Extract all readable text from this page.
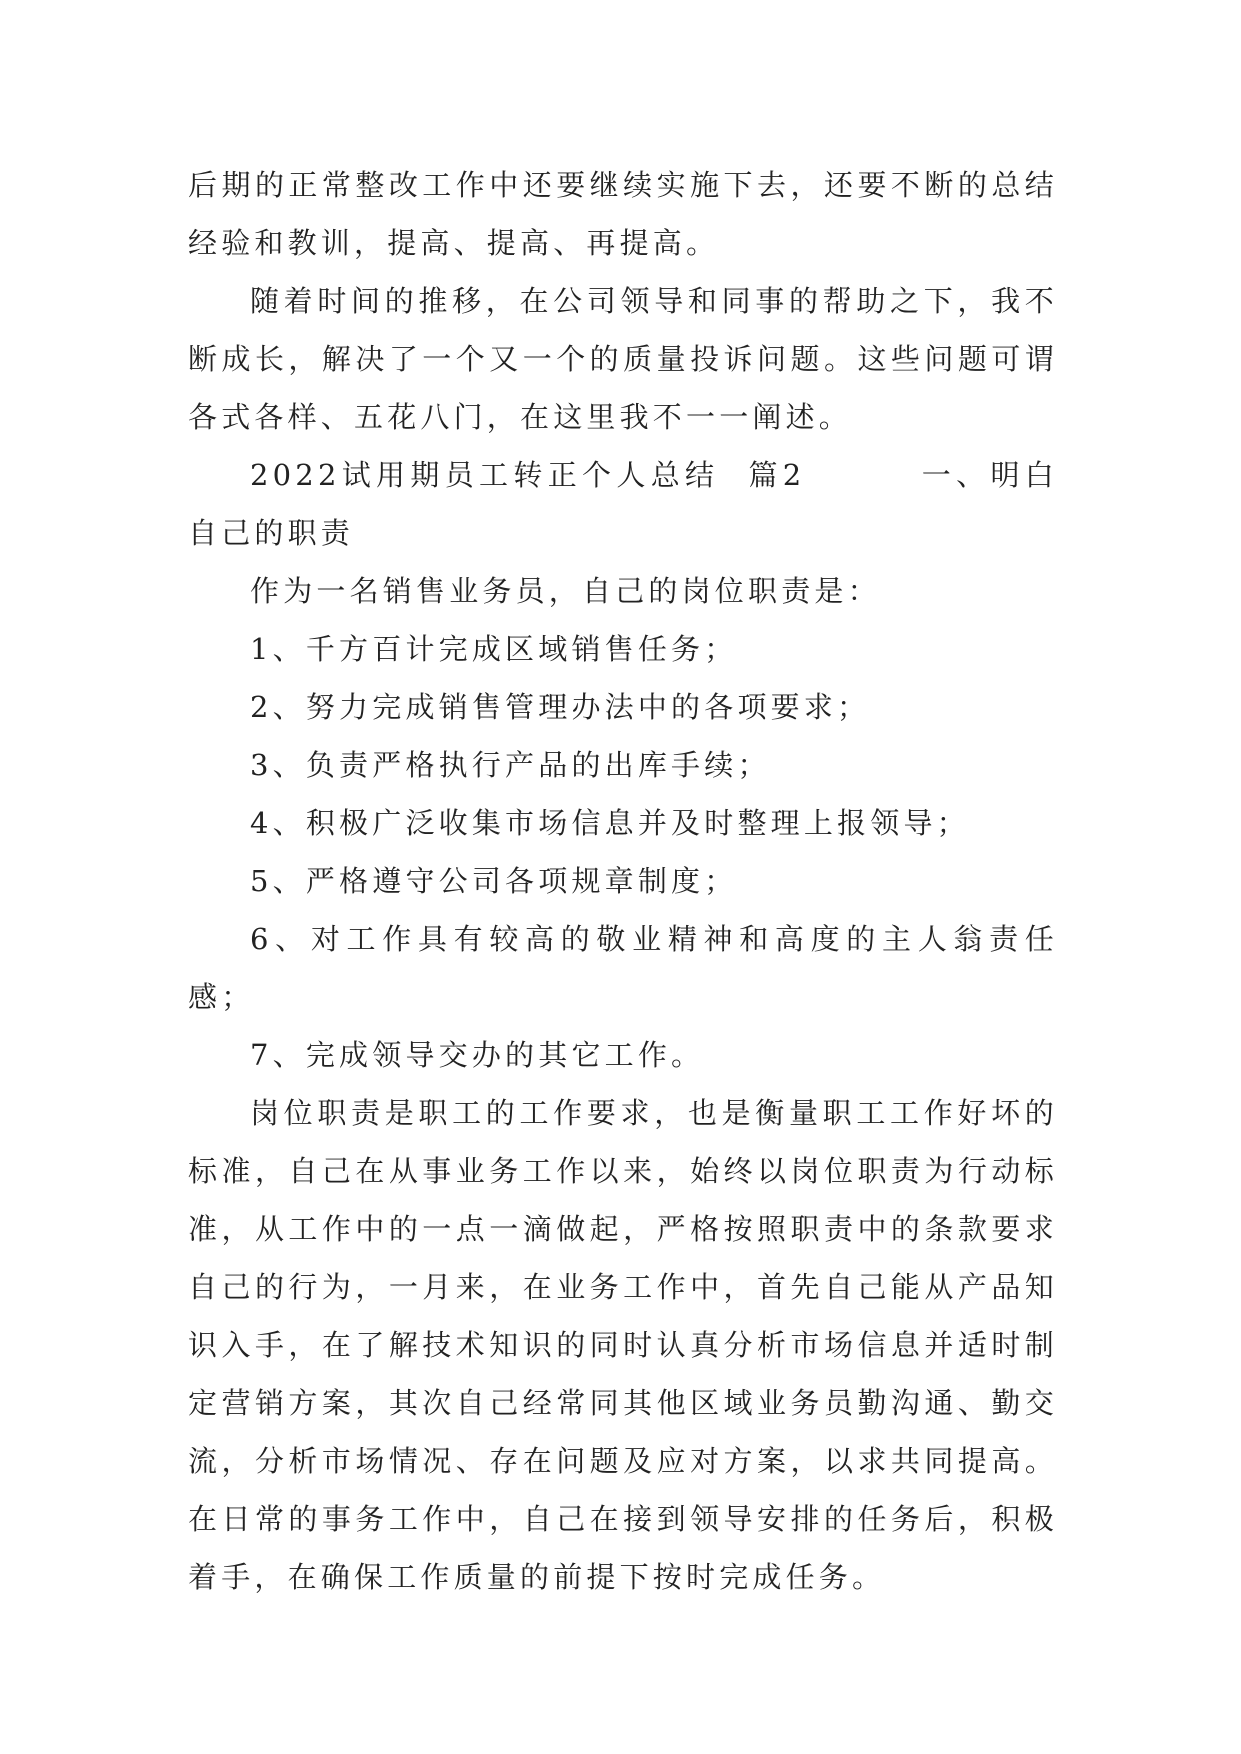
后期的正常整改工作中还要继续实施下去，还要不断的总结经验和教训，提高、提高、再提高。

随着时间的推移，在公司领导和同事的帮助之下，我不断成长，解决了一个又一个的质量投诉问题。这些问题可谓各式各样、五花八门，在这里我不一一阐述。

2022试用期员工转正个人总结  篇2        一、明白自己的职责

作为一名销售业务员，自己的岗位职责是：

1、千方百计完成区域销售任务；

2、努力完成销售管理办法中的各项要求；

3、负责严格执行产品的出库手续；

4、积极广泛收集市场信息并及时整理上报领导；

5、严格遵守公司各项规章制度；

6、对工作具有较高的敬业精神和高度的主人翁责任感；

7、完成领导交办的其它工作。

岗位职责是职工的工作要求，也是衡量职工工作好坏的标准，自己在从事业务工作以来，始终以岗位职责为行动标准，从工作中的一点一滴做起，严格按照职责中的条款要求自己的行为，一月来，在业务工作中，首先自己能从产品知识入手，在了解技术知识的同时认真分析市场信息并适时制定营销方案，其次自己经常同其他区域业务员勤沟通、勤交流，分析市场情况、存在问题及应对方案，以求共同提高。在日常的事务工作中，自己在接到领导安排的任务后，积极着手，在确保工作质量的前提下按时完成任务。
